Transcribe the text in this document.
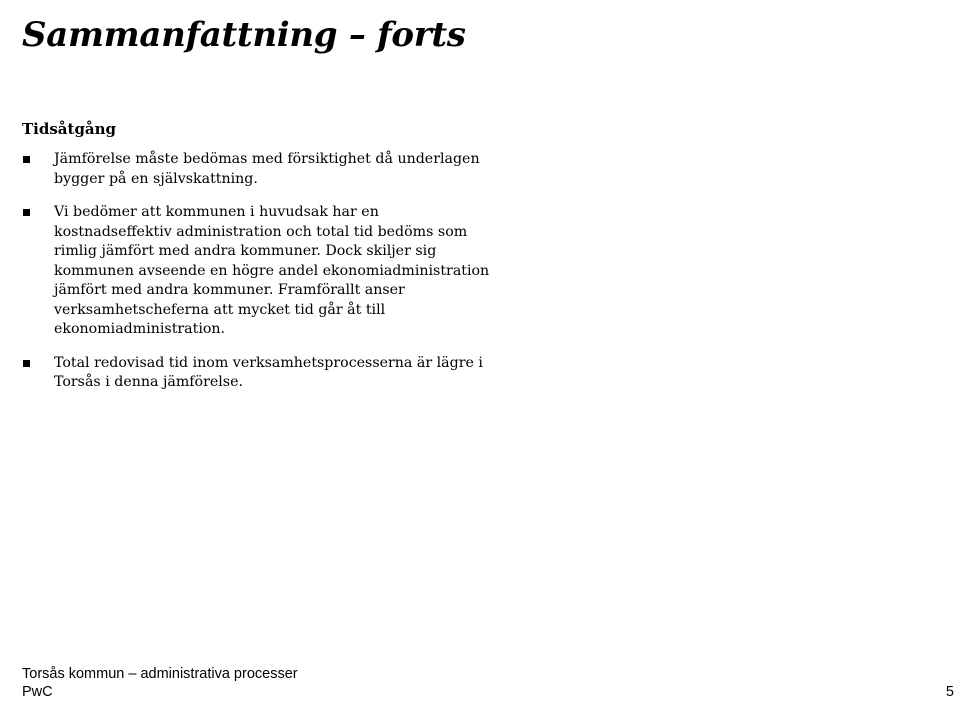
Sammanfattning – forts
Tidsåtgång
Jämförelse måste bedömas med försiktighet då underlagen bygger på en självskattning.
Vi bedömer att kommunen i huvudsak har en kostnadseffektiv administration och total tid bedöms som rimlig jämfört med andra kommuner. Dock skiljer sig kommunen avseende en högre andel ekonomiadministration jämfört med andra kommuner. Framförallt anser verksamhetscheferna att mycket tid går åt till ekonomiadministration.
Total redovisad tid inom verksamhetsprocesserna är lägre i Torsås i denna jämförelse.
Torsås kommun – administrativa processer
PwC	5
